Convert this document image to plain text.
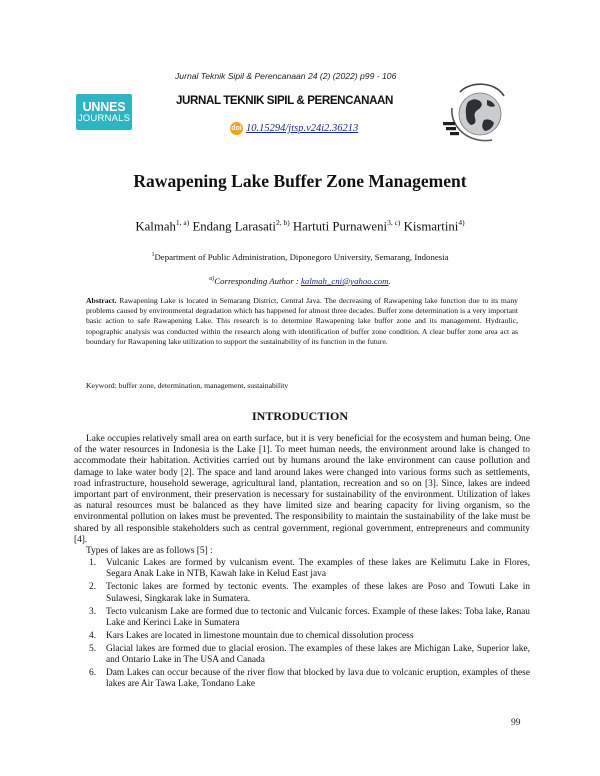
Jurnal Teknik Sipil & Perencanaan 24 (2) (2022) p99 - 106
UNNES
JOURNALS
JURNAL TEKNIK SIPIL & PERENCANAAN
doi 10.15294/jtsp.v24i2.36213
Rawapening Lake Buffer Zone Management
Kalmah$^{1, a)}$ Endang Larasati$^{2, b)}$ Hartuti Purnaweni$^{3, c)}$ Kismartini$^{4)}$
$^1$Department of Public Administration, Diponegoro University, Semarang, Indonesia
$^{a)}$Corresponding Author : kalmah_cni@yahoo.com.
Abstract. Rawapening Lake is located in Semarang District, Central Java. The decreasing of Rawapening lake function due to its many problems caused by environmental degradation which has happened for almost three decades. Buffer zone determination is a very important basic action to safe Rawapening Lake. This research is to determine Rawapening lake buffer zone and its management. Hydraulic, topographic analysis was conducted within the research along with identification of buffer zone condition. A clear buffer zone area act as boundary for Rawapening lake utilization to support the sustainability of its function in the future.
Keyword: buffer zone, determination, management, sustainability
INTRODUCTION
Lake occupies relatively small area on earth surface, but it is very beneficial for the ecosystem and human being. One of the water resources in Indonesia is the Lake [1]. To meet human needs, the environment around lake is changed to accommodate their habitation. Activities carried out by humans around the lake environment can cause pollution and damage to lake water body [2]. The space and land around lakes were changed into various forms such as settlements, road infrastructure, household sewerage, agricultural land, plantation, recreation and so on [3]. Since, lakes are indeed important part of environment, their preservation is necessary for sustainability of the environment. Utilization of lakes as natural resources must be balanced as they have limited size and bearing capacity for living organism, so the environmental pollution on lakes must be prevented. The responsibility to maintain the sustainability of the lake must be shared by all responsible stakeholders such as central government, regional government, entrepreneurs and community [4].
Types of lakes are as follows [5] :
1.	Vulcanic Lakes are formed by vulcanism event. The examples of these lakes are Kelimutu Lake in Flores, Segara Anak Lake in NTB, Kawah lake in Kelud East java
2.	Tectonic lakes are formed by tectonic events. The examples of these lakes are Poso and Towuti Lake in Sulawesi, Singkarak lake in Sumatera.
3.	Tecto vulcanism Lake are formed due to tectonic and Vulcanic forces. Example of these lakes: Toba lake, Ranau Lake and Kerinci Lake in Sumatera
4.	Kars Lakes are located in limestone mountain due to chemical dissolution process
5.	Glacial lakes are formed due to glacial erosion. The examples of these lakes are Michigan Lake, Superior lake, and Ontario Lake in The USA and Canada
6.	Dam Lakes can occur because of the river flow that blocked by lava due to volcanic eruption, examples of these lakes are Air Tawa Lake, Tondano Lake
99
